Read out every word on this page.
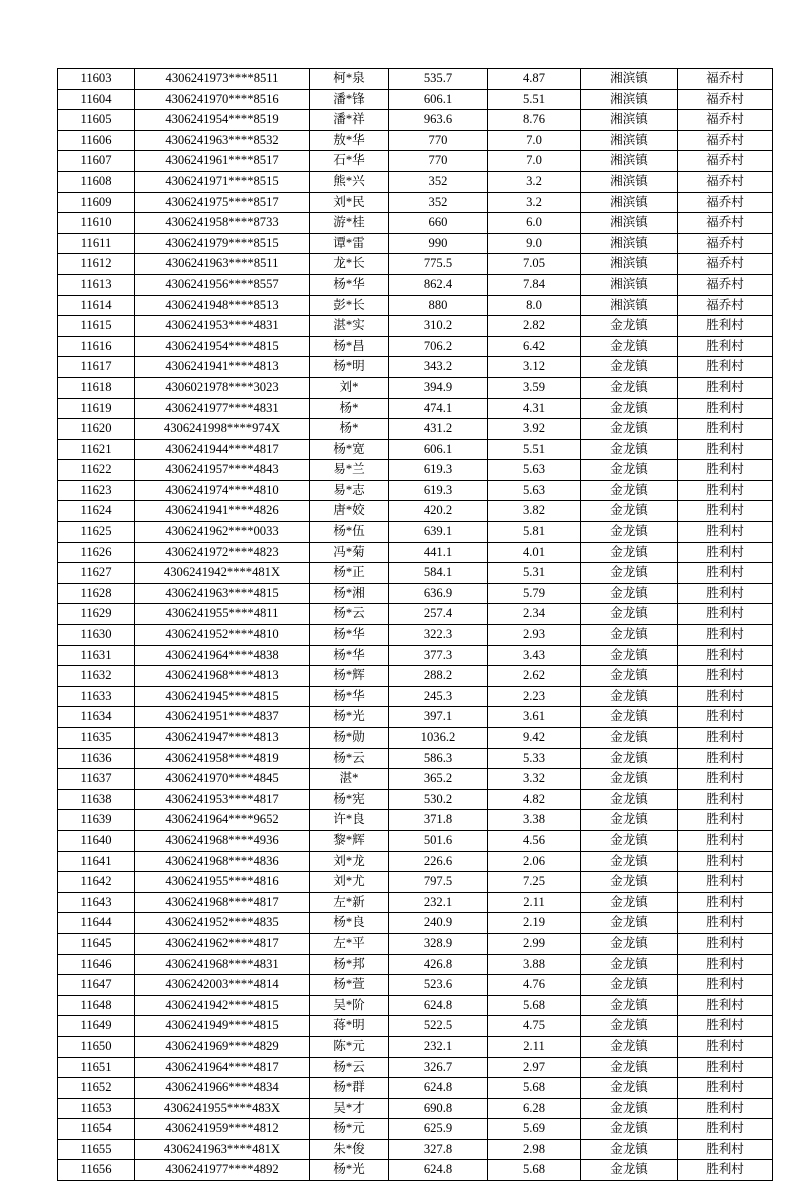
11603	4306241973****8511	柯*泉	535.7	4.87	湘滨镇	福乔村
11604	4306241970****8516	潘*锋	606.1	5.51	湘滨镇	福乔村
11605	4306241954****8519	潘*祥	963.6	8.76	湘滨镇	福乔村
11606	4306241963****8532	敖*华	770	7.0	湘滨镇	福乔村
11607	4306241961****8517	石*华	770	7.0	湘滨镇	福乔村
11608	4306241971****8515	熊*兴	352	3.2	湘滨镇	福乔村
11609	4306241975****8517	刘*民	352	3.2	湘滨镇	福乔村
11610	4306241958****8733	游*桂	660	6.0	湘滨镇	福乔村
11611	4306241979****8515	谭*雷	990	9.0	湘滨镇	福乔村
11612	4306241963****8511	龙*长	775.5	7.05	湘滨镇	福乔村
11613	4306241956****8557	杨*华	862.4	7.84	湘滨镇	福乔村
11614	4306241948****8513	彭*长	880	8.0	湘滨镇	福乔村
11615	4306241953****4831	湛*实	310.2	2.82	金龙镇	胜利村
11616	4306241954****4815	杨*昌	706.2	6.42	金龙镇	胜利村
11617	4306241941****4813	杨*明	343.2	3.12	金龙镇	胜利村
11618	4306021978****3023	刘*	394.9	3.59	金龙镇	胜利村
11619	4306241977****4831	杨*	474.1	4.31	金龙镇	胜利村
11620	4306241998****974X	杨*	431.2	3.92	金龙镇	胜利村
11621	4306241944****4817	杨*宽	606.1	5.51	金龙镇	胜利村
11622	4306241957****4843	易*兰	619.3	5.63	金龙镇	胜利村
11623	4306241974****4810	易*志	619.3	5.63	金龙镇	胜利村
11624	4306241941****4826	唐*姣	420.2	3.82	金龙镇	胜利村
11625	4306241962****0033	杨*伍	639.1	5.81	金龙镇	胜利村
11626	4306241972****4823	冯*菊	441.1	4.01	金龙镇	胜利村
11627	4306241942****481X	杨*正	584.1	5.31	金龙镇	胜利村
11628	4306241963****4815	杨*湘	636.9	5.79	金龙镇	胜利村
11629	4306241955****4811	杨*云	257.4	2.34	金龙镇	胜利村
11630	4306241952****4810	杨*华	322.3	2.93	金龙镇	胜利村
11631	4306241964****4838	杨*华	377.3	3.43	金龙镇	胜利村
11632	4306241968****4813	杨*辉	288.2	2.62	金龙镇	胜利村
11633	4306241945****4815	杨*华	245.3	2.23	金龙镇	胜利村
11634	4306241951****4837	杨*光	397.1	3.61	金龙镇	胜利村
11635	4306241947****4813	杨*勋	1036.2	9.42	金龙镇	胜利村
11636	4306241958****4819	杨*云	586.3	5.33	金龙镇	胜利村
11637	4306241970****4845	湛*	365.2	3.32	金龙镇	胜利村
11638	4306241953****4817	杨*宪	530.2	4.82	金龙镇	胜利村
11639	4306241964****9652	许*良	371.8	3.38	金龙镇	胜利村
11640	4306241968****4936	黎*辉	501.6	4.56	金龙镇	胜利村
11641	4306241968****4836	刘*龙	226.6	2.06	金龙镇	胜利村
11642	4306241955****4816	刘*尤	797.5	7.25	金龙镇	胜利村
11643	4306241968****4817	左*新	232.1	2.11	金龙镇	胜利村
11644	4306241952****4835	杨*良	240.9	2.19	金龙镇	胜利村
11645	4306241962****4817	左*平	328.9	2.99	金龙镇	胜利村
11646	4306241968****4831	杨*邦	426.8	3.88	金龙镇	胜利村
11647	4306242003****4814	杨*萱	523.6	4.76	金龙镇	胜利村
11648	4306241942****4815	吴*阶	624.8	5.68	金龙镇	胜利村
11649	4306241949****4815	蒋*明	522.5	4.75	金龙镇	胜利村
11650	4306241969****4829	陈*元	232.1	2.11	金龙镇	胜利村
11651	4306241964****4817	杨*云	326.7	2.97	金龙镇	胜利村
11652	4306241966****4834	杨*群	624.8	5.68	金龙镇	胜利村
11653	4306241955****483X	吴*才	690.8	6.28	金龙镇	胜利村
11654	4306241959****4812	杨*元	625.9	5.69	金龙镇	胜利村
11655	4306241963****481X	朱*俊	327.8	2.98	金龙镇	胜利村
11656	4306241977****4892	杨*光	624.8	5.68	金龙镇	胜利村
